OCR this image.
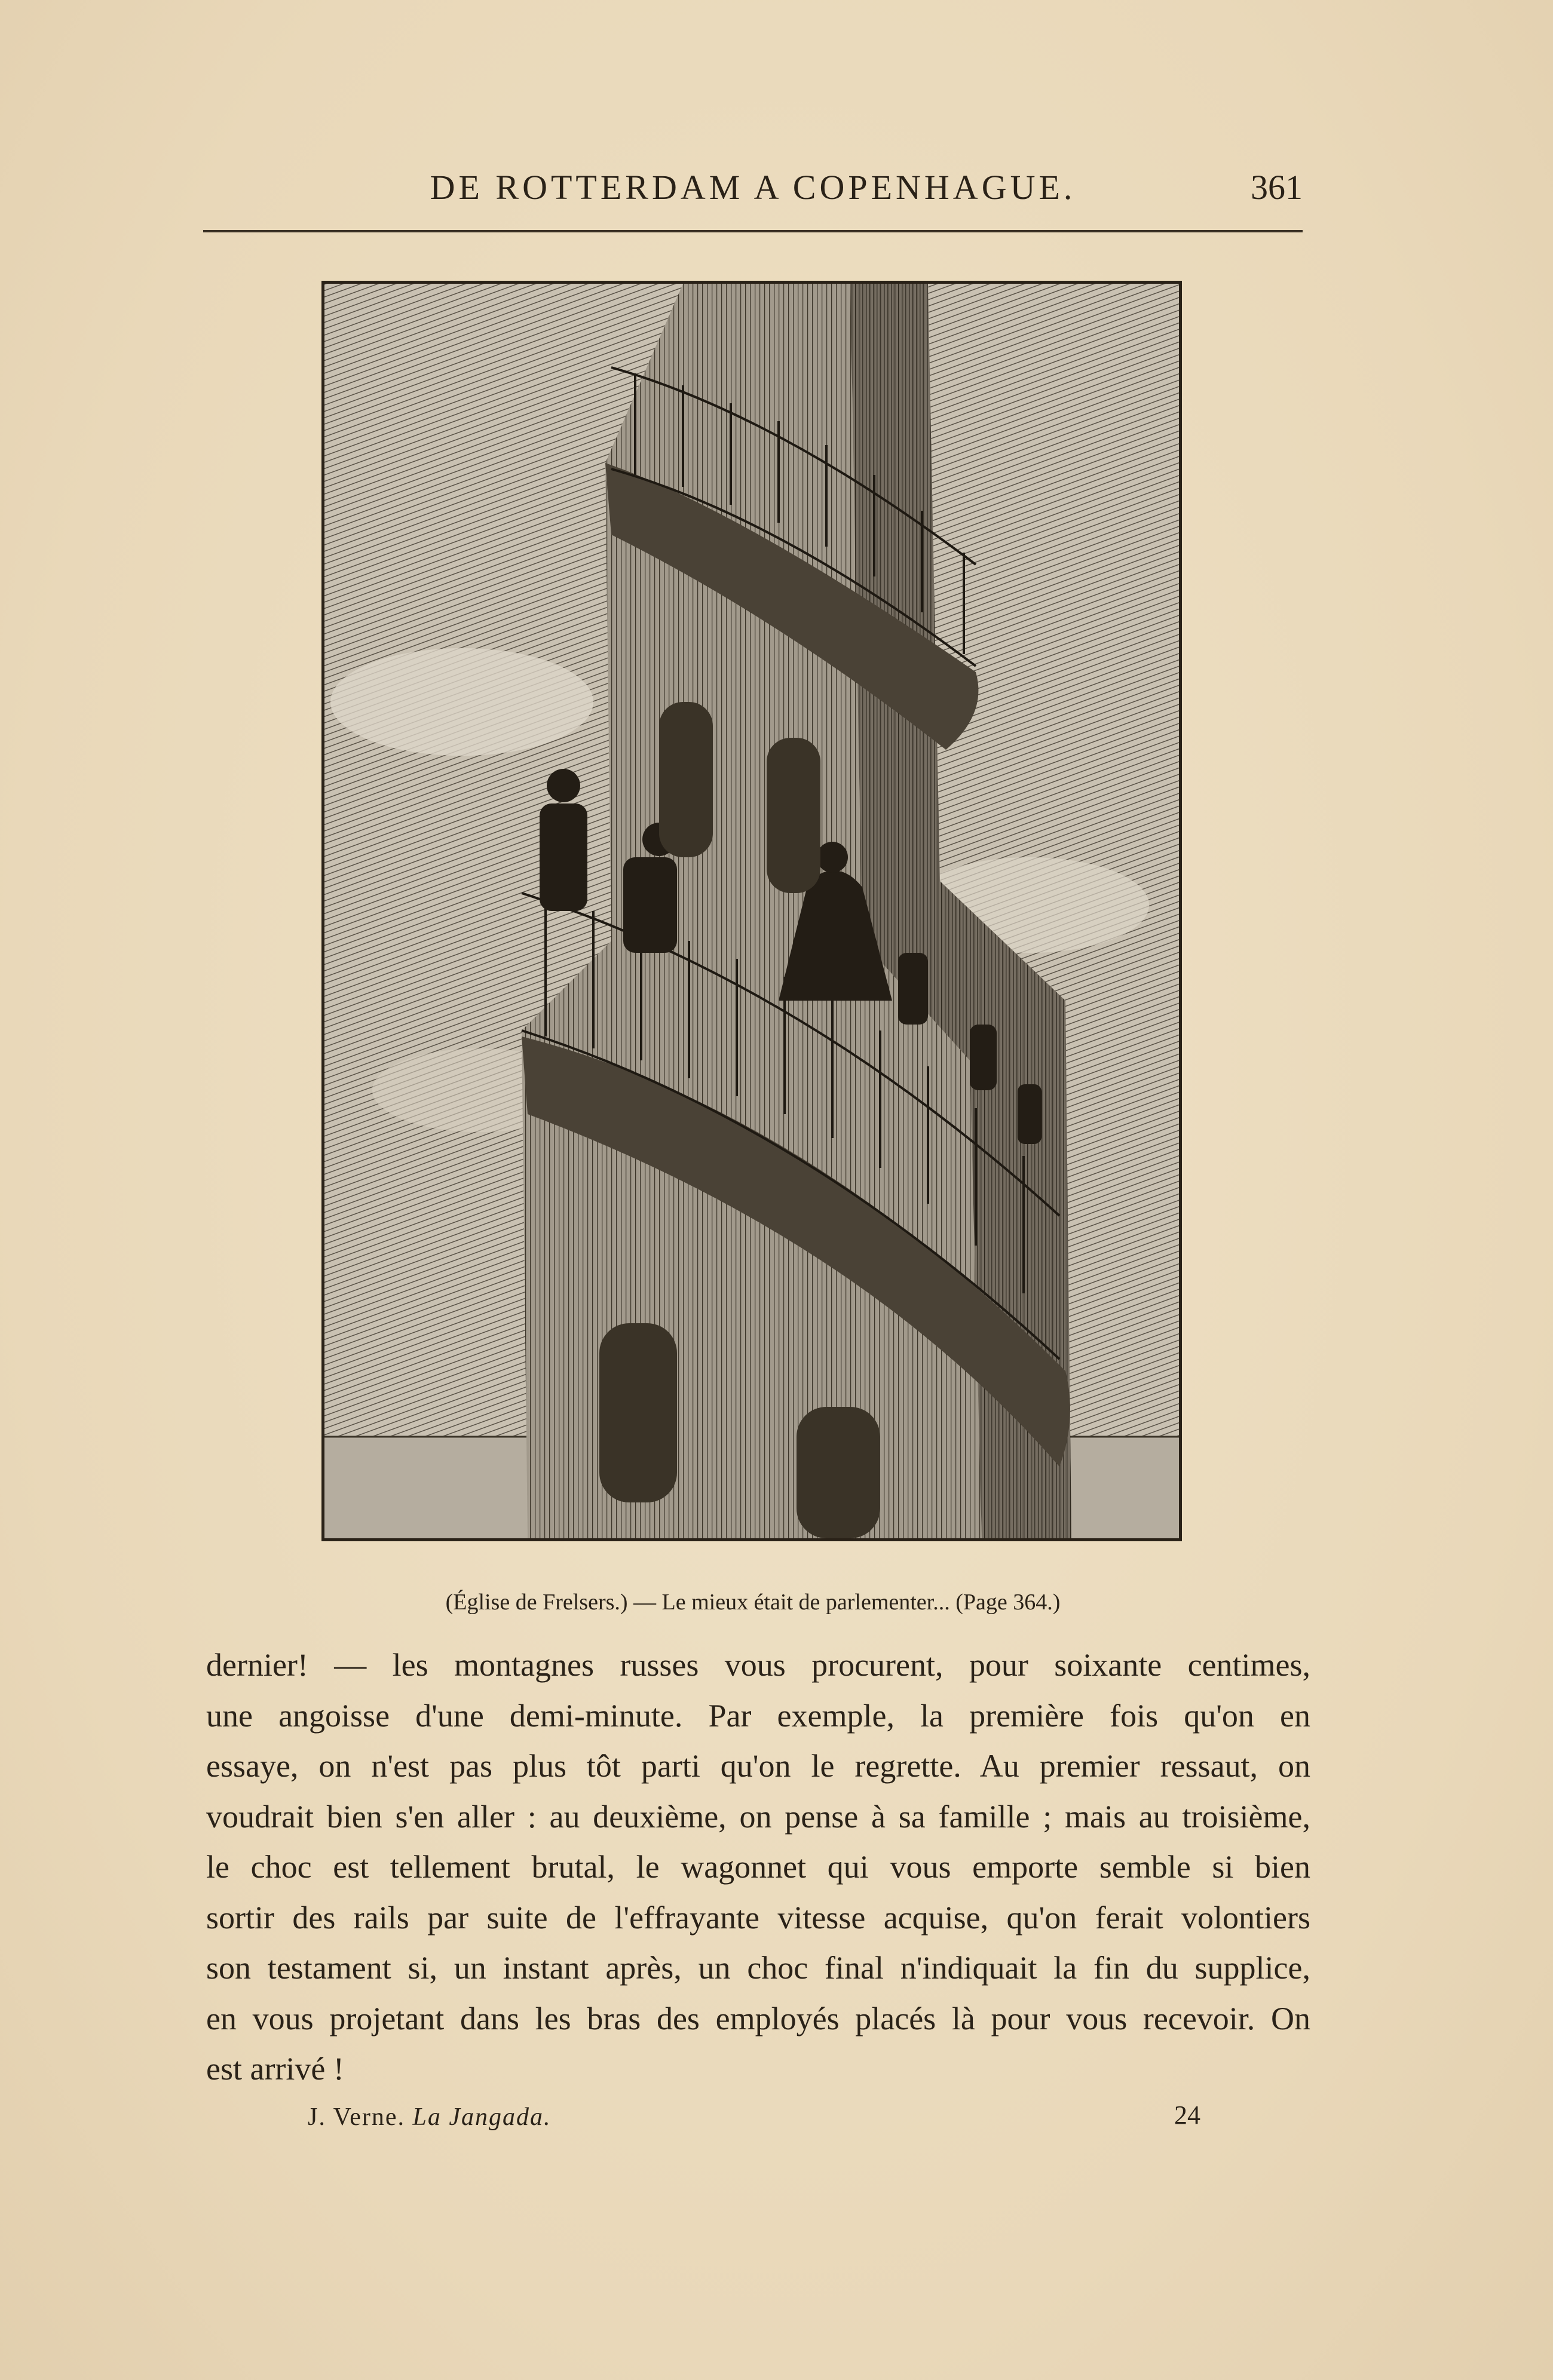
DE ROTTERDAM A COPENHAGUE.	361
(Église de Frelsers.) — Le mieux était de parlementer... (Page 364.)
dernier! — les montagnes russes vous procurent, pour soixante centimes,
une angoisse d'une demi-minute. Par exemple, la première fois qu'on en
essaye, on n'est pas plus tôt parti qu'on le regrette. Au premier ressaut, on
voudrait bien s'en aller : au deuxième, on pense à sa famille ; mais au troisième,
le choc est tellement brutal, le wagonnet qui vous emporte semble si bien
sortir des rails par suite de l'effrayante vitesse acquise, qu'on ferait volontiers
son testament si, un instant après, un choc final n'indiquait la fin du supplice,
en vous projetant dans les bras des employés placés là pour vous recevoir. On
est arrivé !
J. Verne. La Jangada.	24
